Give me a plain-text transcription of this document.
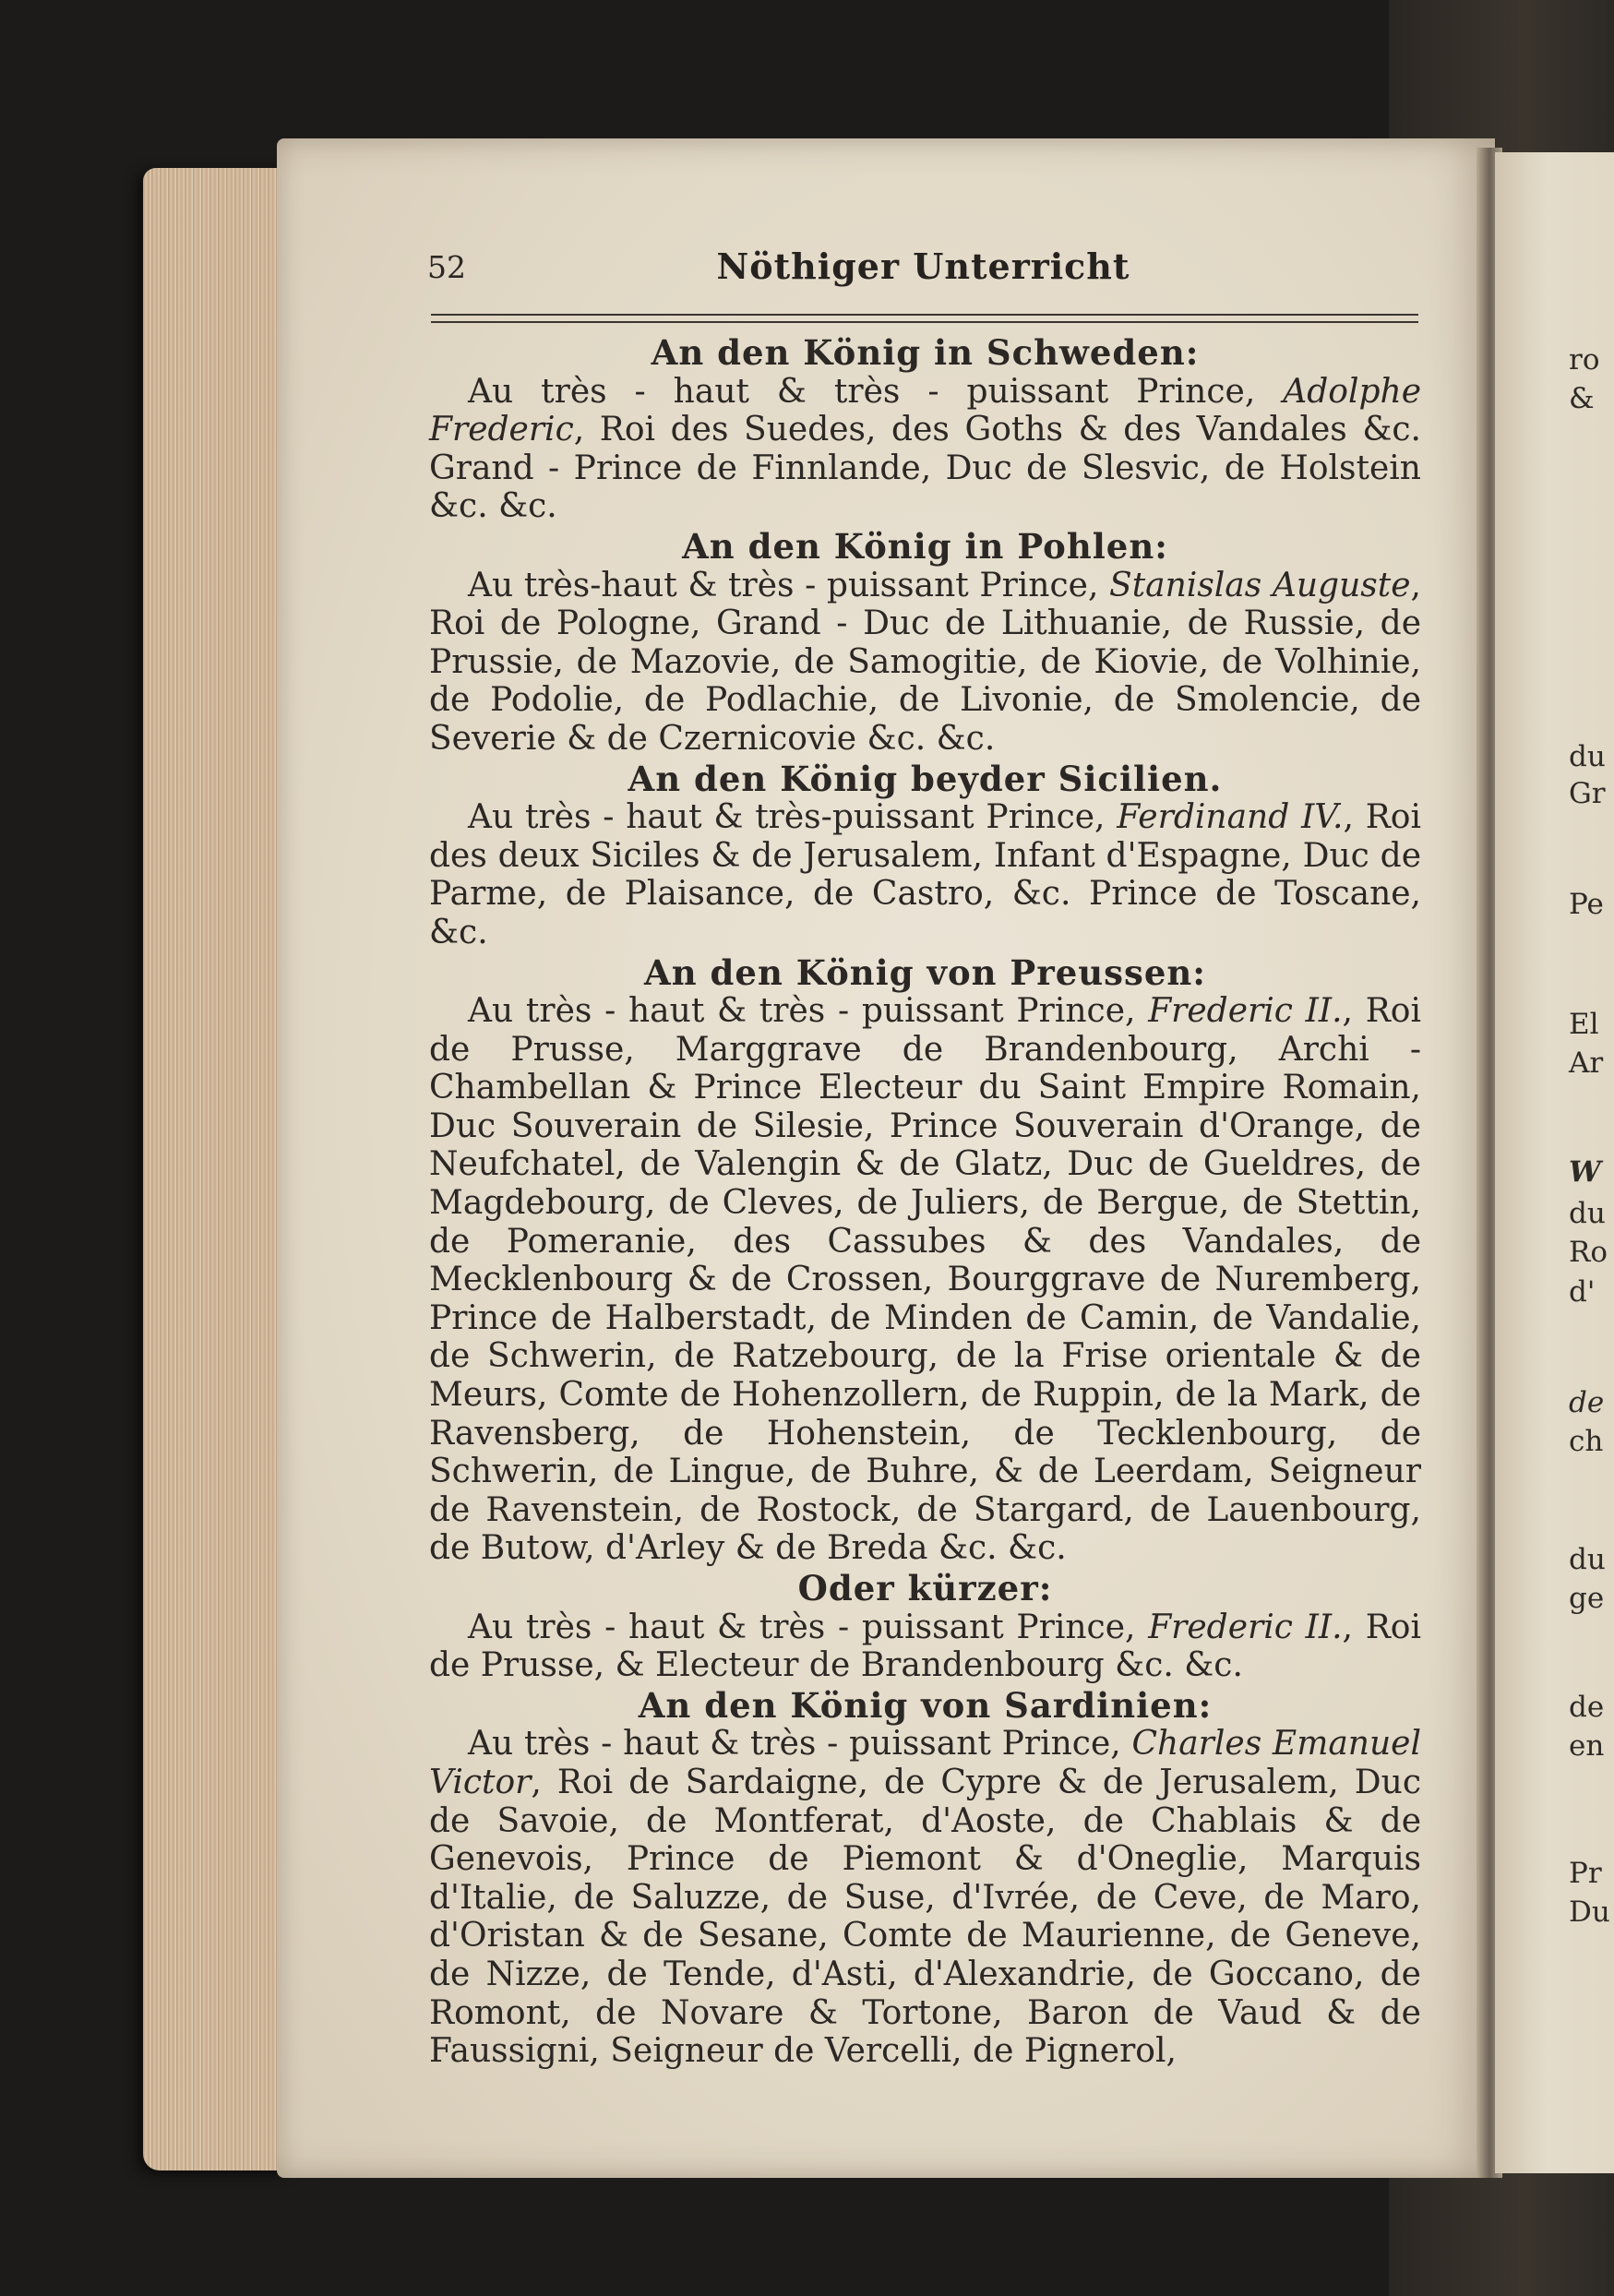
ro
&
du
Gr
Pe
El
Ar
W
du
Ro
d'
de
ch
du
ge
de
en
Pr
Du
52	Nöthiger Unterricht
An den König in Schweden:
Au très - haut & très - puissant Prince, Adolphe Frederic, Roi des Suedes, des Goths & des Vandales &c. Grand - Prince de Finnlande, Duc de Slesvic, de Holstein &c. &c.
An den König in Pohlen:
Au très-haut & très - puissant Prince, Stanislas Auguste, Roi de Pologne, Grand - Duc de Lithuanie, de Russie, de Prussie, de Mazovie, de Samogitie, de Kiovie, de Volhinie, de Podolie, de Podlachie, de Livonie, de Smolencie, de Severie & de Czernicovie &c. &c.
An den König beyder Sicilien.
Au très - haut & très-puissant Prince, Ferdinand IV., Roi des deux Siciles & de Jerusalem, Infant d'Espagne, Duc de Parme, de Plaisance, de Castro, &c. Prince de Toscane, &c.
An den König von Preussen:
Au très - haut & très - puissant Prince, Frederic II., Roi de Prusse, Marggrave de Brandenbourg, Archi - Chambellan & Prince Electeur du Saint Empire Romain, Duc Souverain de Silesie, Prince Souverain d'Orange, de Neufchatel, de Valengin & de Glatz, Duc de Gueldres, de Magdebourg, de Cleves, de Juliers, de Bergue, de Stettin, de Pomeranie, des Cassubes & des Vandales, de Mecklenbourg & de Crossen, Bourggrave de Nuremberg, Prince de Halberstadt, de Minden de Camin, de Vandalie, de Schwerin, de Ratzebourg, de la Frise orientale & de Meurs, Comte de Hohenzollern, de Ruppin, de la Mark, de Ravensberg, de Hohenstein, de Tecklenbourg, de Schwerin, de Lingue, de Buhre, & de Leerdam, Seigneur de Ravenstein, de Rostock, de Stargard, de Lauenbourg, de Butow, d'Arley & de Breda &c. &c.
Oder kürzer:
Au très - haut & très - puissant Prince, Frederic II., Roi de Prusse, & Electeur de Brandenbourg &c. &c.
An den König von Sardinien:
Au très - haut & très - puissant Prince, Charles Emanuel Victor, Roi de Sardaigne, de Cypre & de Jerusalem, Duc de Savoie, de Montferat, d'Aoste, de Chablais & de Genevois, Prince de Piemont & d'Oneglie, Marquis d'Italie, de Saluzze, de Suse, d'Ivrée, de Ceve, de Maro, d'Oristan & de Sesane, Comte de Maurienne, de Geneve, de Nizze, de Tende, d'Asti, d'Alexandrie, de Goccano, de Romont, de Novare & Tortone, Baron de Vaud & de Faussigni, Seigneur de Vercelli, de Pignerol,
